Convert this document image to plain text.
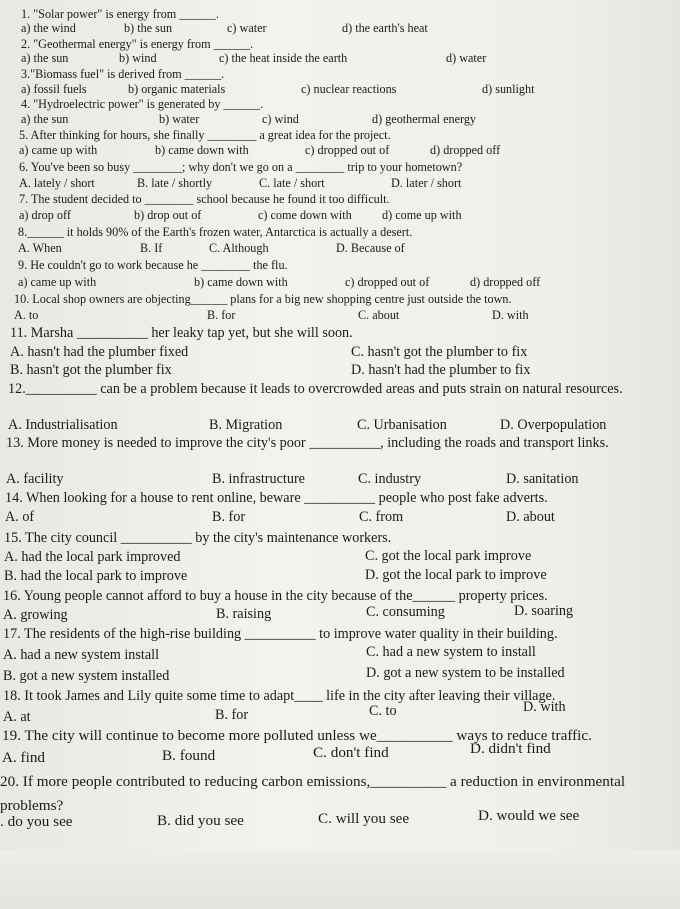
1. "Solar power" is energy from ______.
a) the wind	b) the sun	c) water	d) the earth's heat
2. "Geothermal energy" is energy from ______.
a) the sun	b) wind	c) the heat inside the earth	d) water
3."Biomass fuel" is derived from ______.
a) fossil fuels	b) organic materials	c) nuclear reactions	d) sunlight
4. "Hydroelectric power" is generated by ______.
a) the sun	b) water	c) wind	d) geothermal energy
5. After thinking for hours, she finally ________ a great idea for the project.
a) came up with	b) came down with	c) dropped out of	d) dropped off
6. You've been so busy ________; why don't we go on a ________ trip to your hometown?
A. lately / short	B. late / shortly	C. late / short	D. later / short
7. The student decided to ________ school because he found it too difficult.
a) drop off	b) drop out of	c) come down with d) come up with
8.______ it holds 90% of the Earth's frozen water, Antarctica is actually a desert.
A. When	B. If	C. Although	D. Because of
9. He couldn't go to work because he ________ the flu.
a) came up with	b) came down with	c) dropped out of	d) dropped off
10. Local shop owners are objecting______ plans for a big new shopping centre just outside the town.
A. to	B. for	C. about	D. with
11. Marsha __________ her leaky tap yet, but she will soon.
A. hasn't had the plumber fixed	C. hasn't got the plumber to fix
B. hasn't got the plumber fix	D. hasn't had the plumber to fix
12.__________ can be a problem because it leads to overcrowded areas and puts strain on natural resources.
A. Industrialisation	B. Migration	C. Urbanisation	D. Overpopulation
13. More money is needed to improve the city's poor __________, including the roads and transport links.
A. facility	B. infrastructure	C. industry	D. sanitation
14. When looking for a house to rent online, beware __________ people who post fake adverts.
A. of	B. for	C. from	D. about
15. The city council __________ by the city's maintenance workers.
A. had the local park improved	C. got the local park improve
B. had the local park to improve	D. got the local park to improve
16. Young people cannot afford to buy a house in the city because of the______ property prices.
A. growing	B. raising	C. consuming	D. soaring
17. The residents of the high-rise building __________ to improve water quality in their building.
A. had a new system install	C. had a new system to install
B. got a new system installed	D. got a new system to be installed
18. It took James and Lily quite some time to adapt____ life in the city after leaving their village.
A. at	B. for	C. to	D. with
19. The city will continue to become more polluted unless we__________ ways to reduce traffic.
A. find	B. found	C. don't find	D. didn't find
20. If more people contributed to reducing carbon emissions,__________ a reduction in environmental problems?
. do you see	B. did you see	C. will you see	D. would we see
